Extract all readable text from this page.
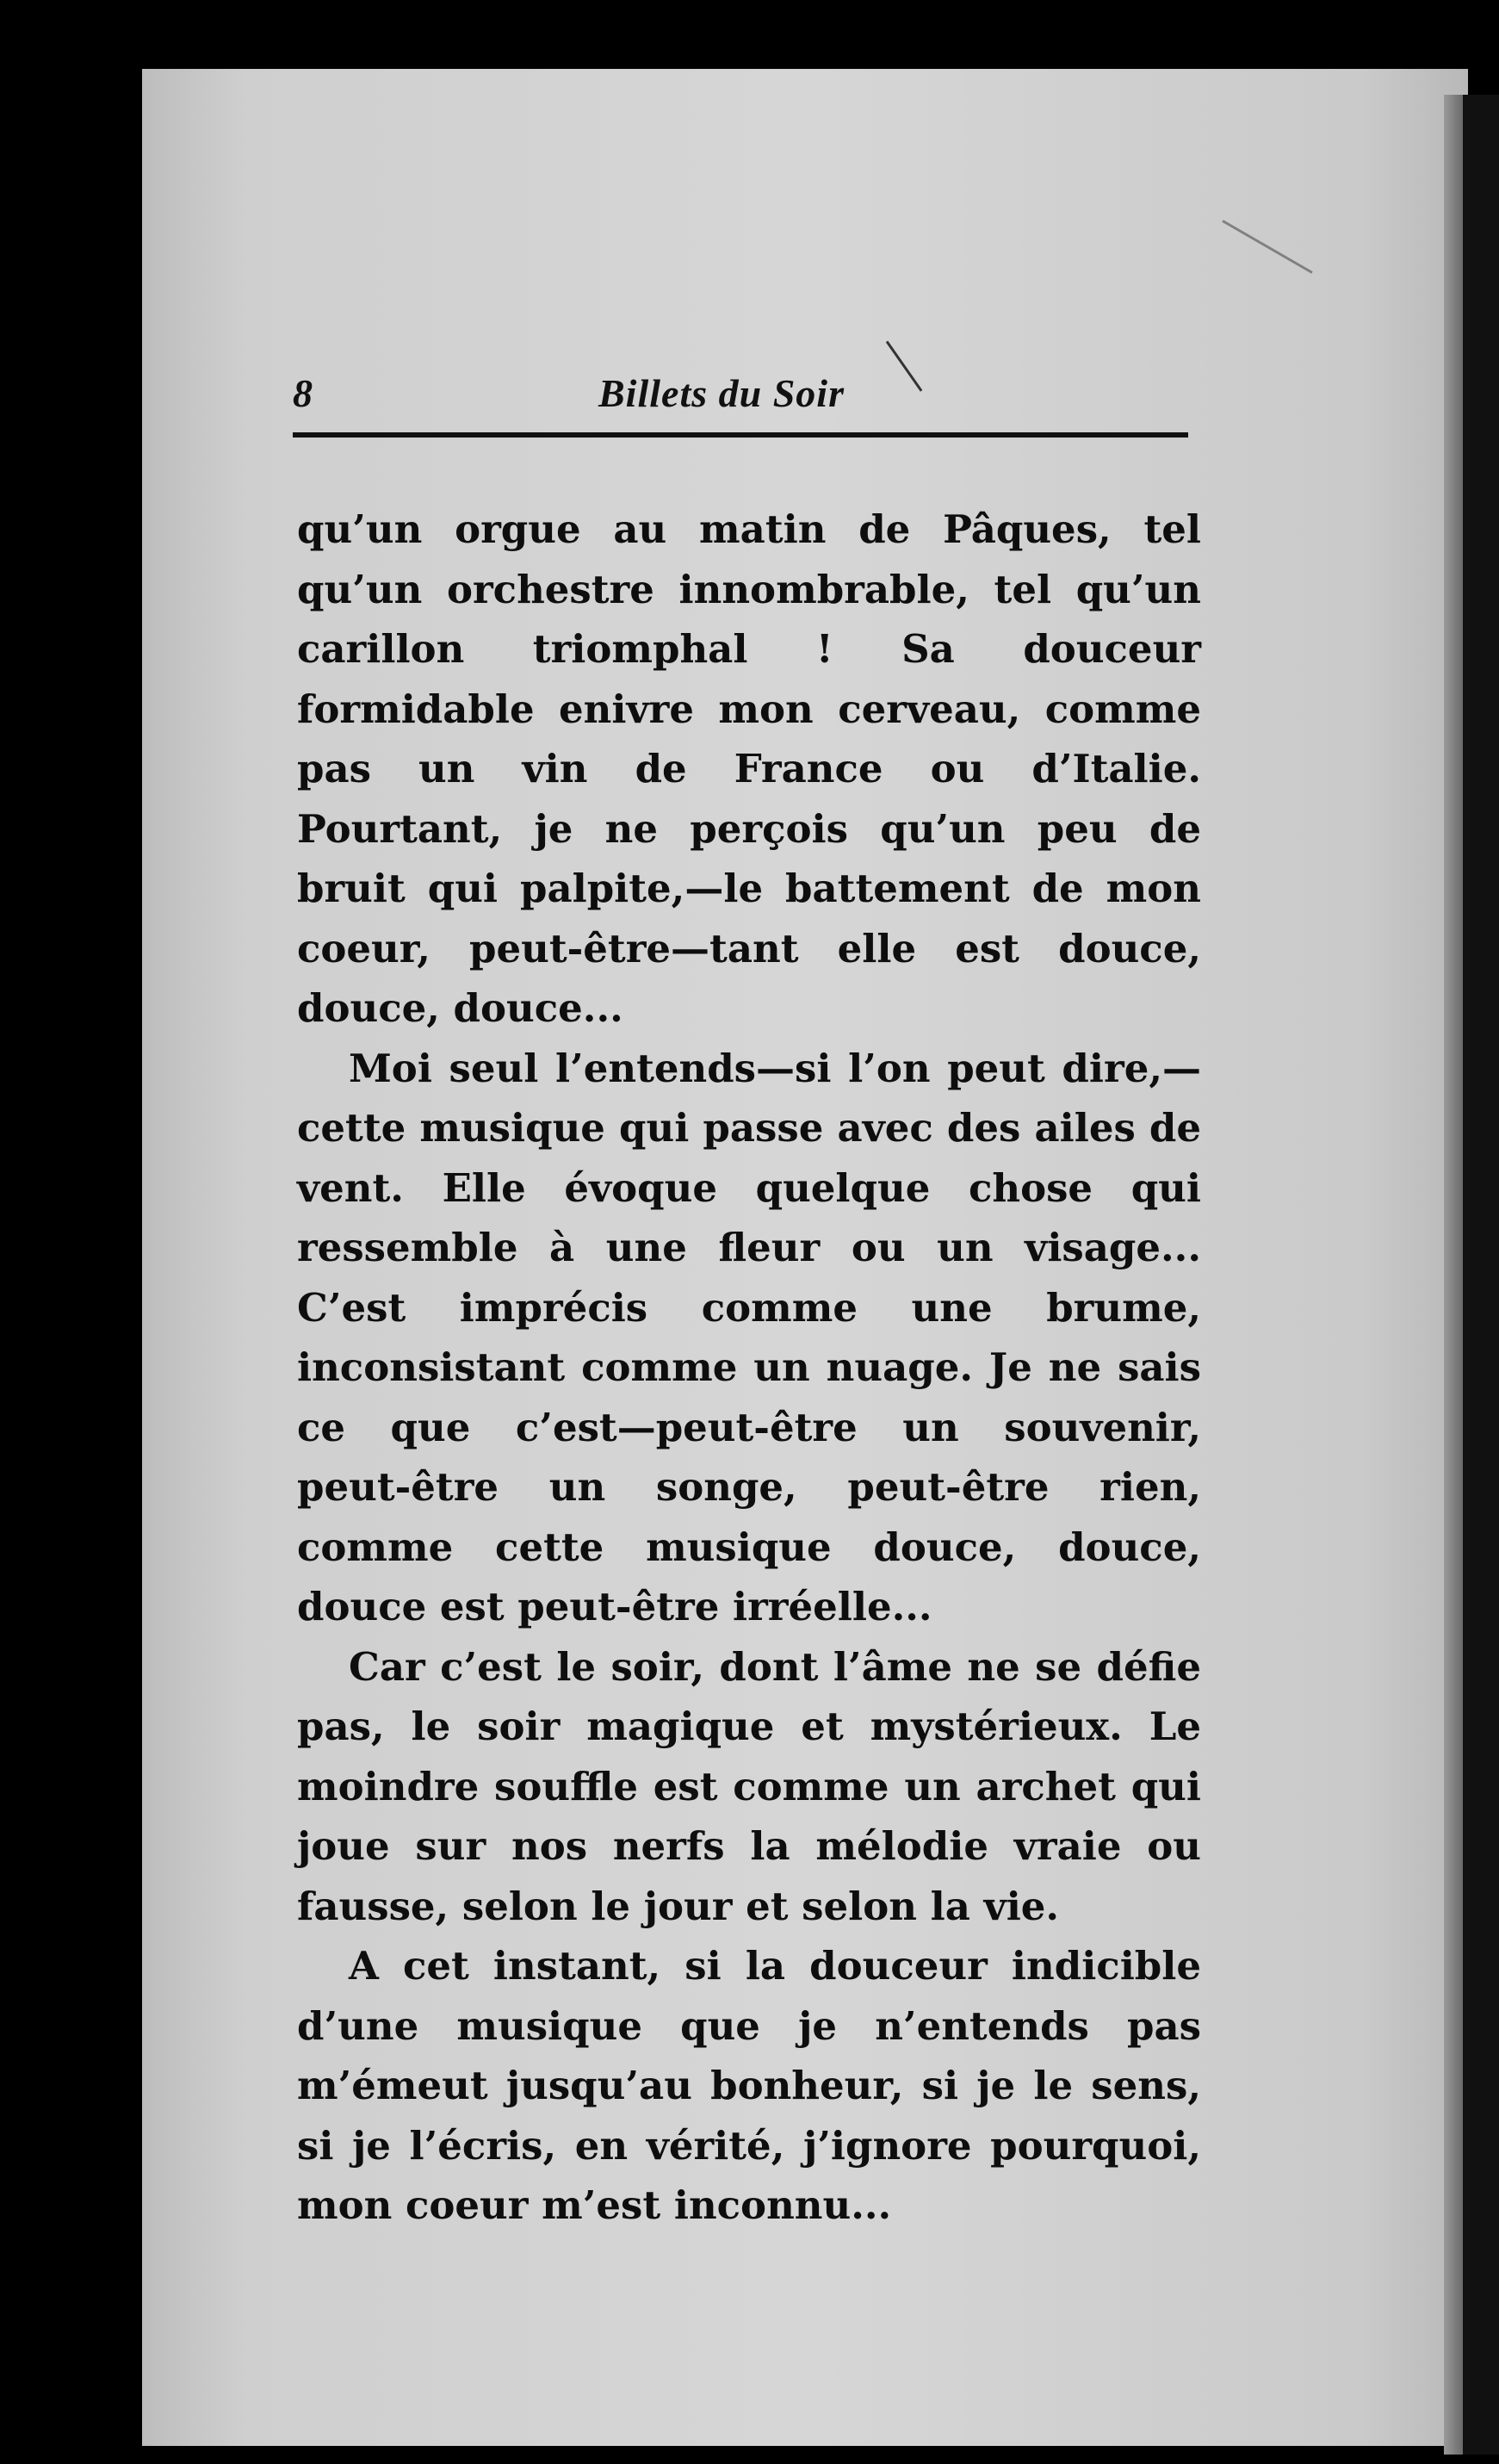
8	Billets du Soir

qu’un orgue au matin de Pâques, tel qu’un orchestre innombrable, tel qu’un carillon triomphal ! Sa douceur formidable enivre mon cerveau, comme pas un vin de France ou d’Italie. Pourtant, je ne perçois qu’un peu de bruit qui palpite,—le battement de mon coeur, peut-être—tant elle est douce, douce, douce...

Moi seul l’entends—si l’on peut dire,—cette musique qui passe avec des ailes de vent. Elle évoque quelque chose qui ressemble à une fleur ou un visage... C’est imprécis comme une brume, inconsistant comme un nuage. Je ne sais ce que c’est—peut-être un souvenir, peut-être un songe, peut-être rien, comme cette musique douce, douce, douce est peut-être irréelle...

Car c’est le soir, dont l’âme ne se défie pas, le soir magique et mystérieux. Le moindre souffle est comme un archet qui joue sur nos nerfs la mélodie vraie ou fausse, selon le jour et selon la vie.

A cet instant, si la douceur indicible d’une musique que je n’entends pas m’émeut jusqu’au bonheur, si je le sens, si je l’écris, en vérité, j’ignore pourquoi, mon coeur m’est inconnu...
